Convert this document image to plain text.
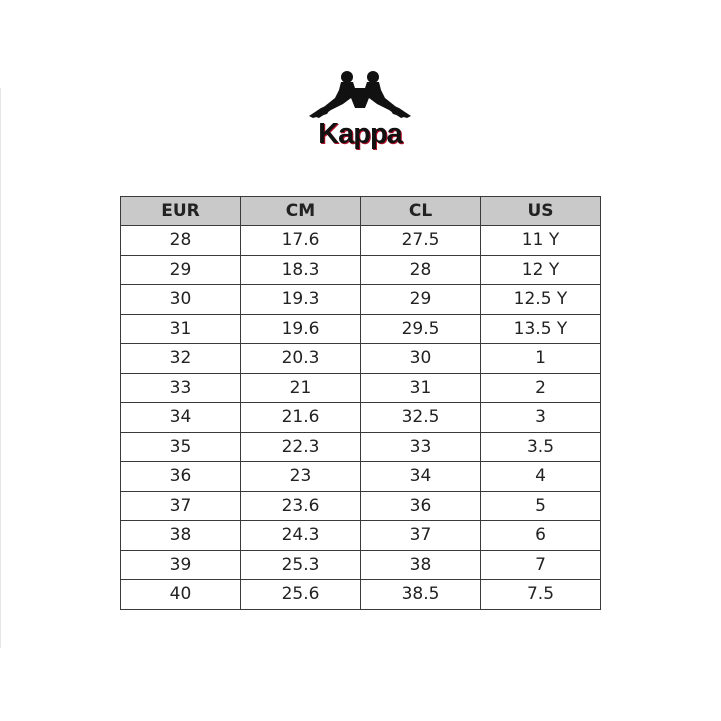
Kappa
EUR	CM	CL	US
28	17.6	27.5	11 Y
29	18.3	28	12 Y
30	19.3	29	12.5 Y
31	19.6	29.5	13.5 Y
32	20.3	30	1
33	21	31	2
34	21.6	32.5	3
35	22.3	33	3.5
36	23	34	4
37	23.6	36	5
38	24.3	37	6
39	25.3	38	7
40	25.6	38.5	7.5
